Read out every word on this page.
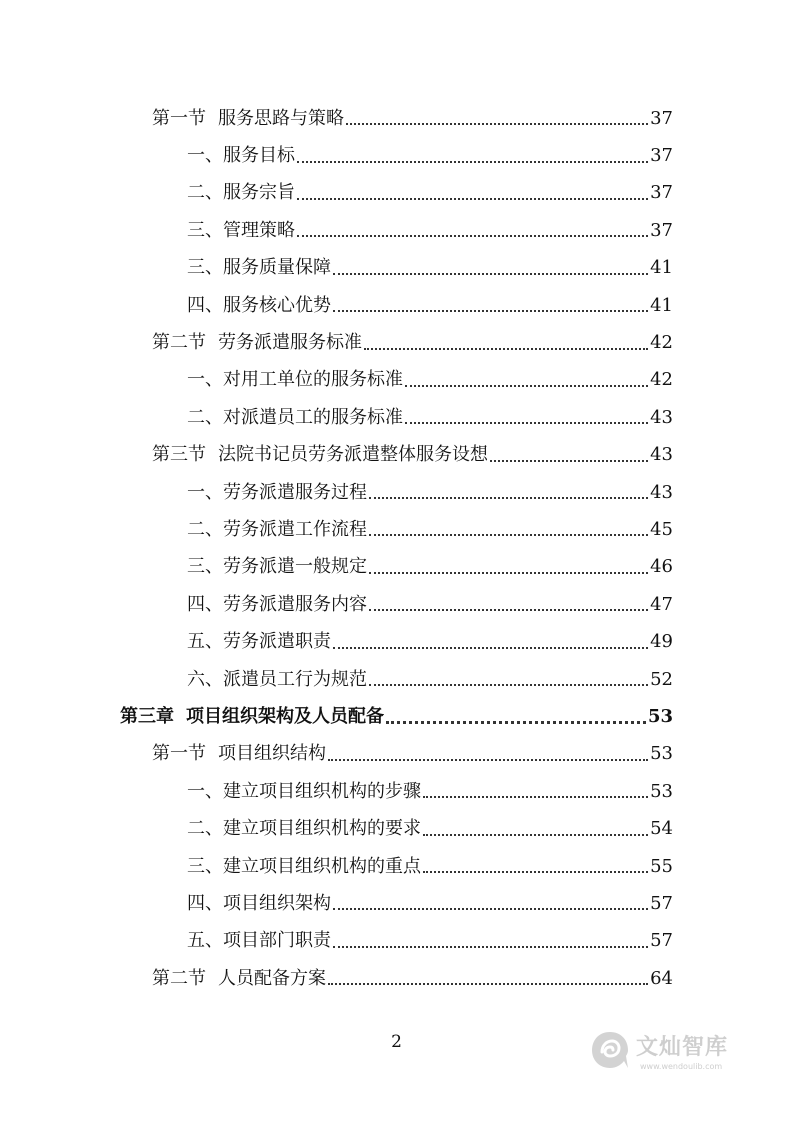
第一节 服务思路与策略	37
一、服务目标	37
二、服务宗旨	37
三、管理策略	37
三、服务质量保障	41
四、服务核心优势	41
第二节 劳务派遣服务标准	42
一、对用工单位的服务标准	42
二、对派遣员工的服务标准	43
第三节 法院书记员劳务派遣整体服务设想	43
一、劳务派遣服务过程	43
二、劳务派遣工作流程	45
三、劳务派遣一般规定	46
四、劳务派遣服务内容	47
五、劳务派遣职责	49
六、派遣员工行为规范	52
第三章 项目组织架构及人员配备	53
第一节 项目组织结构	53
一、建立项目组织机构的步骤	53
二、建立项目组织机构的要求	54
三、建立项目组织机构的重点	55
四、项目组织架构	57
五、项目部门职责	57
第二节 人员配备方案	64
2	文灿智库
www.wendoulib.com
